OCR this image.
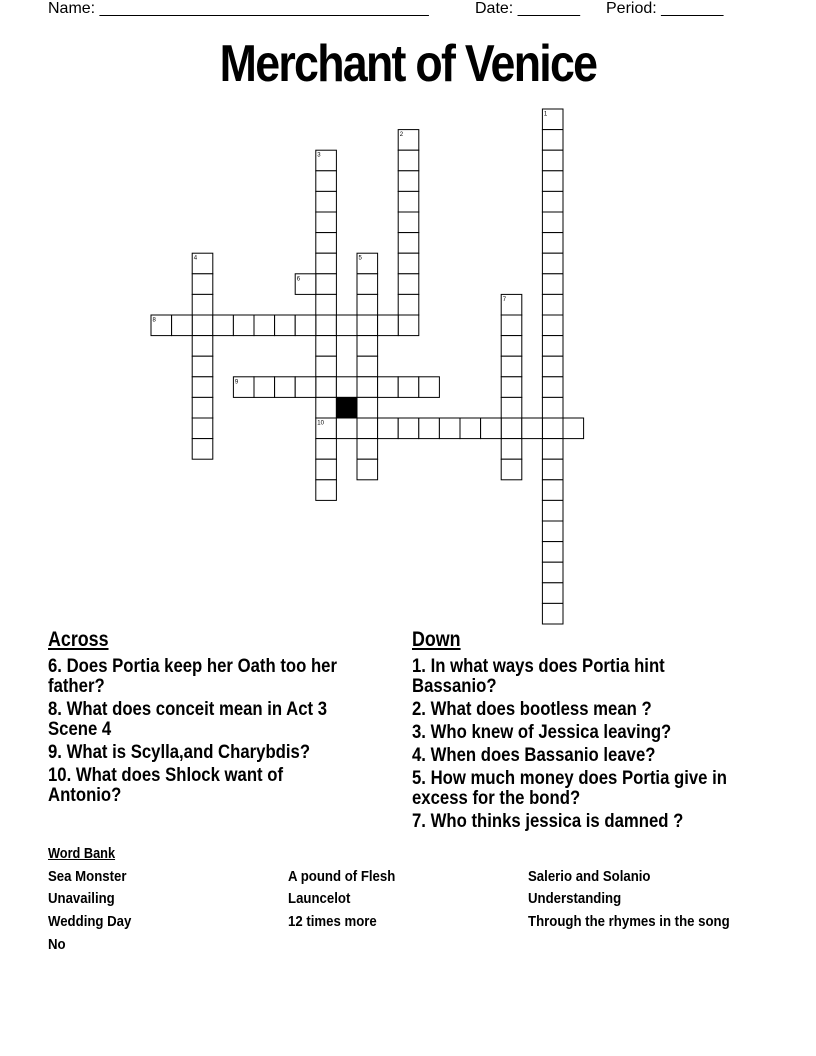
Name: _____________________________________	Date: _______ Period: _______
Merchant of Venice
1
2
3
4	5
6
7
8
9
10
Across
6. Does Portia keep her Oath too her father?
8. What does conceit mean in Act 3 Scene 4
9. What is Scylla,and Charybdis?
10. What does Shlock want of Antonio?
Down
1. In what ways does Portia hint Bassanio?
2. What does bootless mean ?
3. Who knew of Jessica leaving?
4. When does Bassanio leave?
5. How much money does Portia give in excess for the bond?
7. Who thinks jessica is damned ?
Word Bank
Sea Monster	A pound of Flesh	Salerio and Solanio
Unavailing	Launcelot	Understanding
Wedding Day	12 times more	Through the rhymes in the song
No
